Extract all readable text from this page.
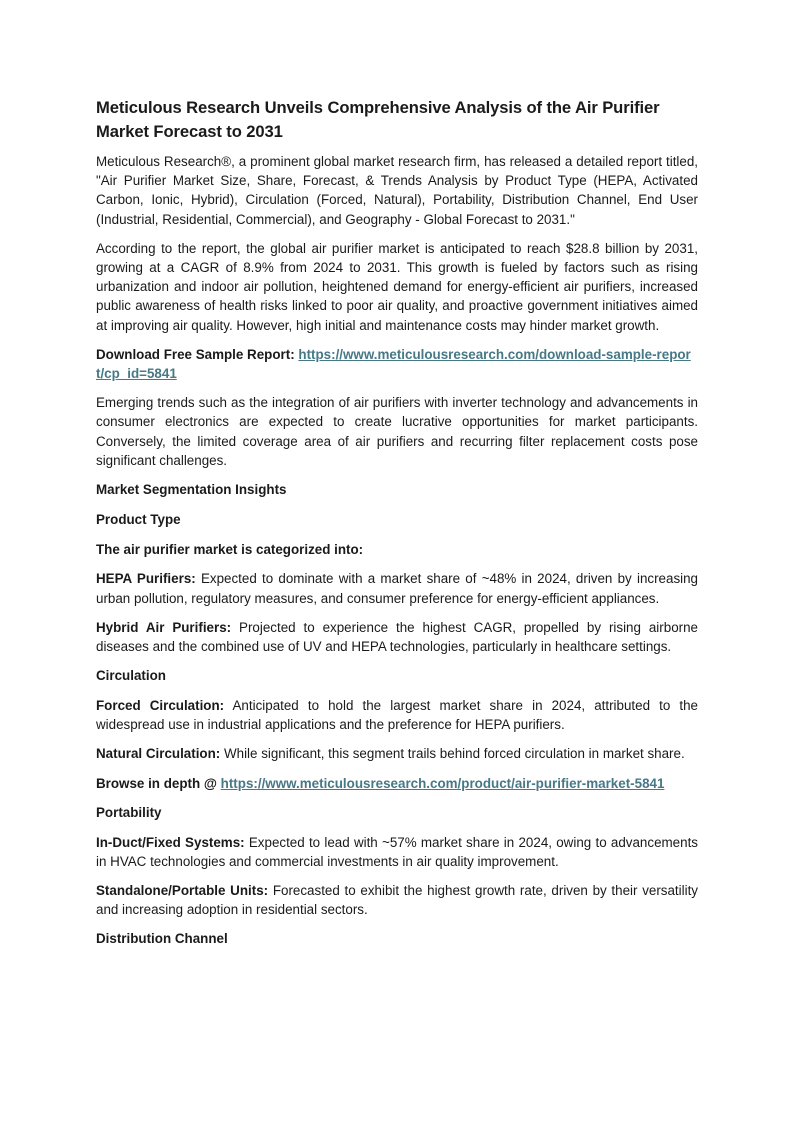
Meticulous Research Unveils Comprehensive Analysis of the Air Purifier Market Forecast to 2031

Meticulous Research®, a prominent global market research firm, has released a detailed report titled, "Air Purifier Market Size, Share, Forecast, & Trends Analysis by Product Type (HEPA, Activated Carbon, Ionic, Hybrid), Circulation (Forced, Natural), Portability, Distribution Channel, End User (Industrial, Residential, Commercial), and Geography - Global Forecast to 2031."

According to the report, the global air purifier market is anticipated to reach $28.8 billion by 2031, growing at a CAGR of 8.9% from 2024 to 2031. This growth is fueled by factors such as rising urbanization and indoor air pollution, heightened demand for energy-efficient air purifiers, increased public awareness of health risks linked to poor air quality, and proactive government initiatives aimed at improving air quality. However, high initial and maintenance costs may hinder market growth.

Download Free Sample Report: https://www.meticulousresearch.com/download-sample-report/cp_id=5841

Emerging trends such as the integration of air purifiers with inverter technology and advancements in consumer electronics are expected to create lucrative opportunities for market participants. Conversely, the limited coverage area of air purifiers and recurring filter replacement costs pose significant challenges.

Market Segmentation Insights

Product Type

The air purifier market is categorized into:

HEPA Purifiers: Expected to dominate with a market share of ~48% in 2024, driven by increasing urban pollution, regulatory measures, and consumer preference for energy-efficient appliances.

Hybrid Air Purifiers: Projected to experience the highest CAGR, propelled by rising airborne diseases and the combined use of UV and HEPA technologies, particularly in healthcare settings.

Circulation

Forced Circulation: Anticipated to hold the largest market share in 2024, attributed to the widespread use in industrial applications and the preference for HEPA purifiers.

Natural Circulation: While significant, this segment trails behind forced circulation in market share.

Browse in depth @ https://www.meticulousresearch.com/product/air-purifier-market-5841

Portability

In-Duct/Fixed Systems: Expected to lead with ~57% market share in 2024, owing to advancements in HVAC technologies and commercial investments in air quality improvement.

Standalone/Portable Units: Forecasted to exhibit the highest growth rate, driven by their versatility and increasing adoption in residential sectors.

Distribution Channel
